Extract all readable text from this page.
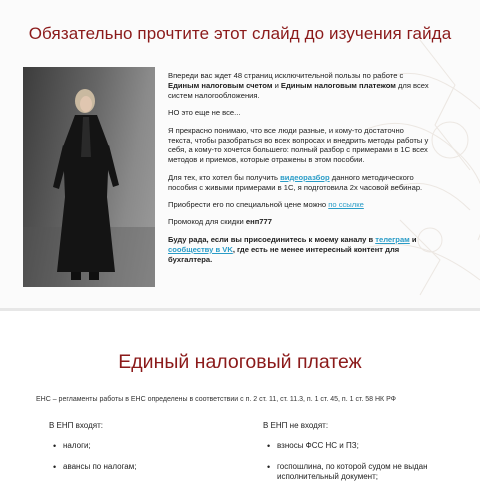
Обязательно прочтите этот слайд до изучения гайда

Впереди вас ждет 48 страниц исключительной пользы по работе с Единым налоговым счетом и Единым налоговым платежом для всех систем налогообложения.

НО это еще не все...

Я прекрасно понимаю, что все люди разные, и кому-то достаточно текста, чтобы разобраться во всех вопросах и внедрить методы работы у себя, а кому-то хочется большего: полный разбор с примерами в 1С всех методов и приемов, которые отражены в этом пособии.

Для тех, кто хотел бы получить видеоразбор данного методического пособия с живыми примерами в 1С, я подготовила 2х часовой вебинар.

Приобрести его по специальной цене можно по ссылке

Промокод для скидки енп777

Буду рада, если вы присоединитесь к моему каналу в телеграм и сообществу в VK, где есть не менее интересный контент для бухгалтера.

Единый налоговый платеж
ЕНС – регламенты работы в ЕНС определены в соответствии с п. 2 ст. 11, ст. 11.3, п. 1 ст. 45, п. 1 ст. 58 НК РФ
В ЕНП входят:
• налоги;
• авансы по налогам;
В ЕНП не входят:
• взносы ФСС НС и ПЗ;
• госпошлина, по которой судом не выдан исполнительный документ;
